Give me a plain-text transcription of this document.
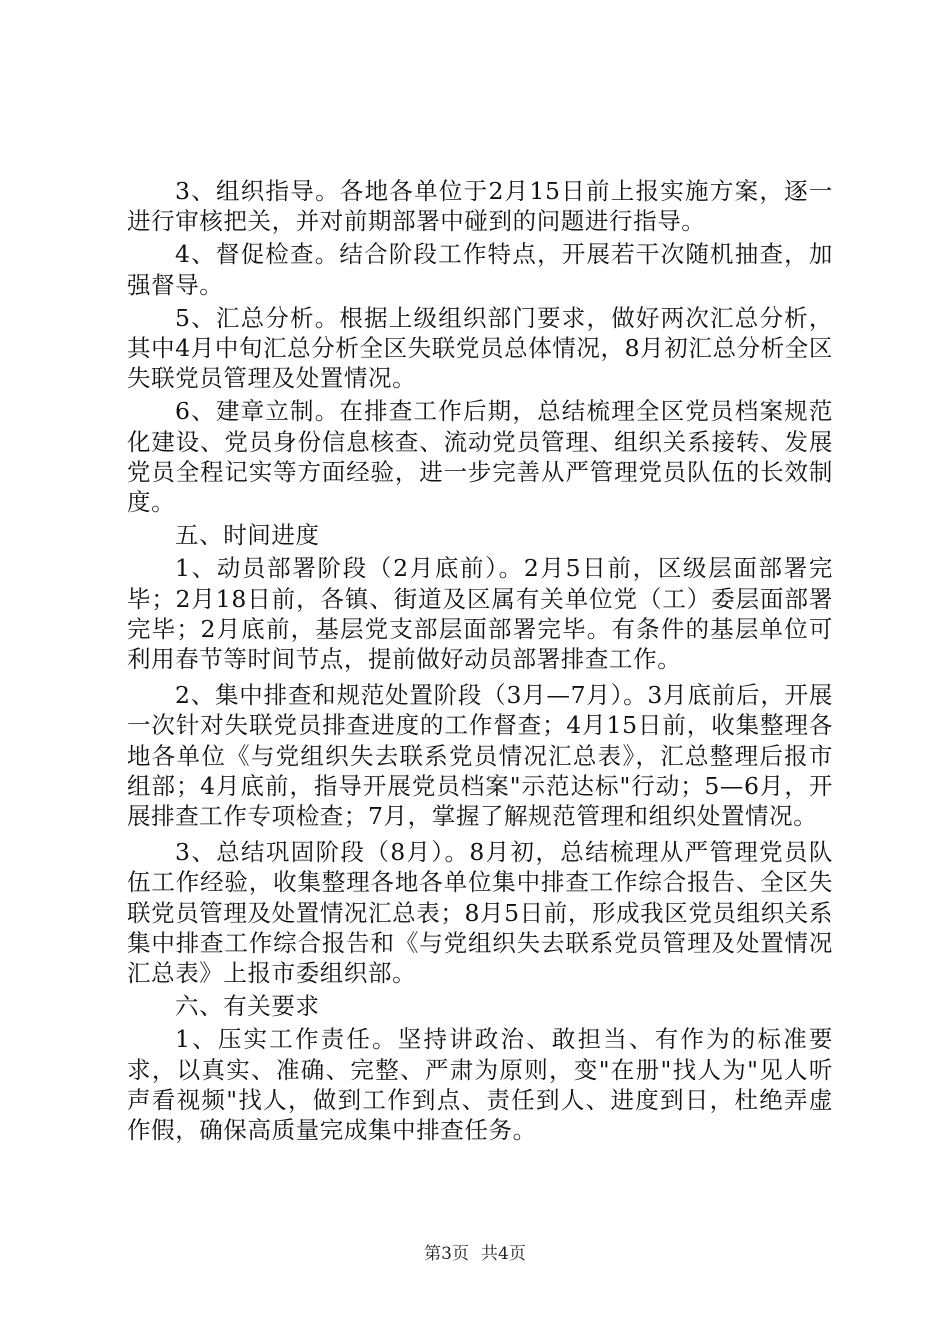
3、组织指导。各地各单位于2月15日前上报实施方案，逐一进行审核把关，并对前期部署中碰到的问题进行指导。

4、督促检查。结合阶段工作特点，开展若干次随机抽查，加强督导。

5、汇总分析。根据上级组织部门要求，做好两次汇总分析，其中4月中旬汇总分析全区失联党员总体情况，8月初汇总分析全区失联党员管理及处置情况。

6、建章立制。在排查工作后期，总结梳理全区党员档案规范化建设、党员身份信息核查、流动党员管理、组织关系接转、发展党员全程记实等方面经验，进一步完善从严管理党员队伍的长效制度。

五、时间进度

1、动员部署阶段（2月底前）。2月5日前，区级层面部署完毕；2月18日前，各镇、街道及区属有关单位党（工）委层面部署完毕；2月底前，基层党支部层面部署完毕。有条件的基层单位可利用春节等时间节点，提前做好动员部署排查工作。

2、集中排查和规范处置阶段（3月—7月）。3月底前后，开展一次针对失联党员排查进度的工作督查；4月15日前，收集整理各地各单位《与党组织失去联系党员情况汇总表》，汇总整理后报市组部；4月底前，指导开展党员档案"示范达标"行动；5—6月，开展排查工作专项检查；7月，掌握了解规范管理和组织处置情况。

3、总结巩固阶段（8月）。8月初，总结梳理从严管理党员队伍工作经验，收集整理各地各单位集中排查工作综合报告、全区失联党员管理及处置情况汇总表；8月5日前，形成我区党员组织关系集中排查工作综合报告和《与党组织失去联系党员管理及处置情况汇总表》上报市委组织部。

六、有关要求

1、压实工作责任。坚持讲政治、敢担当、有作为的标准要求，以真实、准确、完整、严肃为原则，变"在册"找人为"见人听声看视频"找人，做到工作到点、责任到人、进度到日，杜绝弄虚作假，确保高质量完成集中排查任务。

第3页 共4页
